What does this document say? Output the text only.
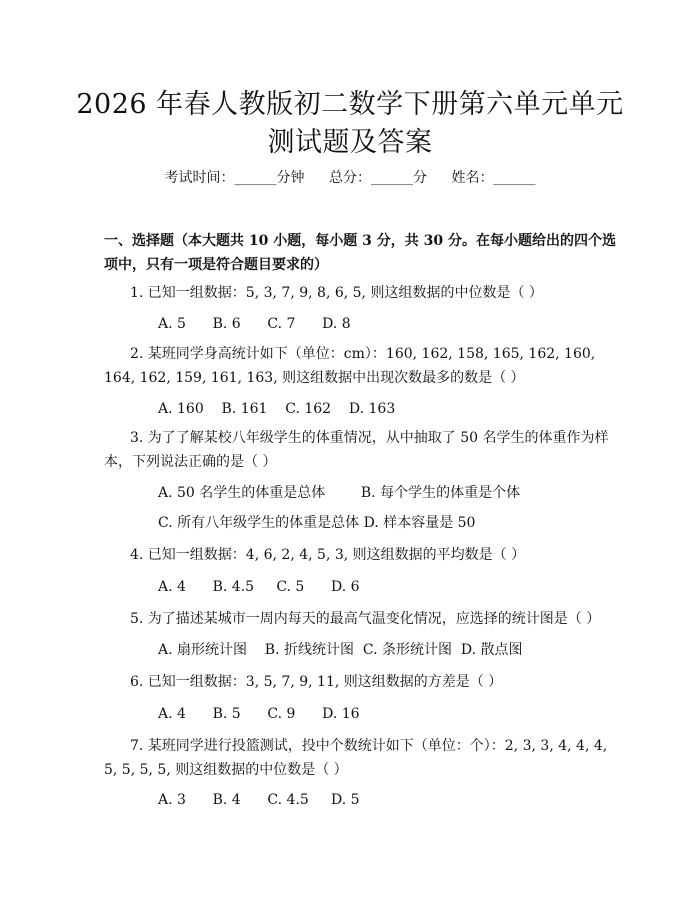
2026 年春人教版初二数学下册第六单元单元
测试题及答案
考试时间：______分钟 总分：______分 姓名：______
一、选择题（本大题共 10 小题，每小题 3 分，共 30 分。在每小题给出的四个选项中，只有一项是符合题目要求的）
1. 已知一组数据：5, 3, 7, 9, 8, 6, 5, 则这组数据的中位数是（ ）
A. 5      B. 6      C. 7      D. 8
2. 某班同学身高统计如下（单位：cm）：160, 162, 158, 165, 162, 160, 164, 162, 159, 161, 163, 则这组数据中出现次数最多的数是（ ）
A. 160    B. 161    C. 162    D. 163
3. 为了了解某校八年级学生的体重情况，从中抽取了 50 名学生的体重作为样本，下列说法正确的是（ ）
A. 50 名学生的体重是总体        B. 每个学生的体重是个体
C. 所有八年级学生的体重是总体 D. 样本容量是 50
4. 已知一组数据：4, 6, 2, 4, 5, 3, 则这组数据的平均数是（ ）
A. 4      B. 4.5     C. 5      D. 6
5. 为了描述某城市一周内每天的最高气温变化情况，应选择的统计图是（ ）
A. 扇形统计图    B. 折线统计图  C. 条形统计图  D. 散点图
6. 已知一组数据：3, 5, 7, 9, 11, 则这组数据的方差是（ ）
A. 4      B. 5      C. 9      D. 16
7. 某班同学进行投篮测试，投中个数统计如下（单位：个）：2, 3, 3, 4, 4, 4, 5, 5, 5, 5, 则这组数据的中位数是（ ）
A. 3      B. 4      C. 4.5     D. 5
